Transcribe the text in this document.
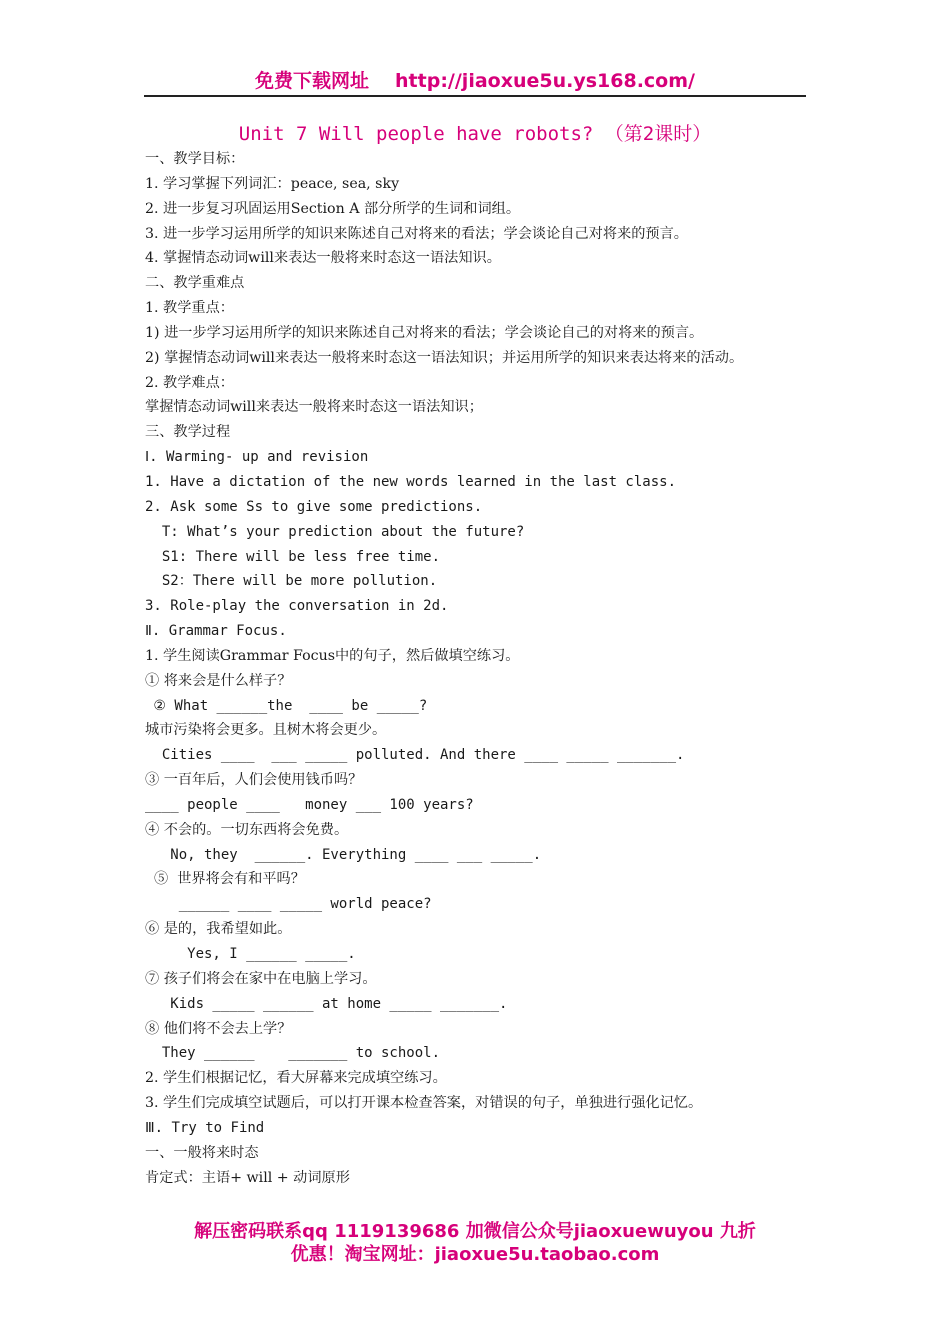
免费下载网址 http://jiaoxue5u.ys168.com/
Unit 7 Will people have robots? （第2课时）
一、教学目标：
1. 学习掌握下列词汇：peace, sea, sky
2. 进一步复习巩固运用Section A 部分所学的生词和词组。
3. 进一步学习运用所学的知识来陈述自己对将来的看法；学会谈论自己对将来的预言。
4. 掌握情态动词will来表达一般将来时态这一语法知识。
二、教学重难点
1. 教学重点：
1) 进一步学习运用所学的知识来陈述自己对将来的看法；学会谈论自己的对将来的预言。
2) 掌握情态动词will来表达一般将来时态这一语法知识；并运用所学的知识来表达将来的活动。
2. 教学难点：
掌握情态动词will来表达一般将来时态这一语法知识；
三、教学过程
Ⅰ. Warming- up and revision
1. Have a dictation of the new words learned in the last class.
2. Ask some Ss to give some predictions.
T: What’s your prediction about the future?
S1: There will be less free time.
S2：There will be more pollution.
3. Role-play the conversation in 2d.
Ⅱ. Grammar Focus.
1. 学生阅读Grammar Focus中的句子，然后做填空练习。
① 将来会是什么样子？
② What ______the  ____ be _____?
城市污染将会更多。且树木将会更少。
Cities ____  ___ _____ polluted. And there ____ _____ _______.
③ 一百年后，人们会使用钱币吗？
____ people ____   money ___ 100 years?
④ 不会的。一切东西将会免费。
No, they  ______. Everything ____ ___ _____.
⑤  世界将会有和平吗？
______ ____ _____ world peace?
⑥ 是的，我希望如此。
Yes, I ______ _____.
⑦ 孩子们将会在家中在电脑上学习。
Kids _____ ______ at home _____ _______.
⑧ 他们将不会去上学？
They ______    _______ to school.
2. 学生们根据记忆，看大屏幕来完成填空练习。
3. 学生们完成填空试题后，可以打开课本检查答案，对错误的句子，单独进行强化记忆。
Ⅲ. Try to Find
一、一般将来时态
肯定式：主语+ will + 动词原形
解压密码联系qq 1119139686 加微信公众号jiaoxuewuyou 九折
优惠！淘宝网址：jiaoxue5u.taobao.com
